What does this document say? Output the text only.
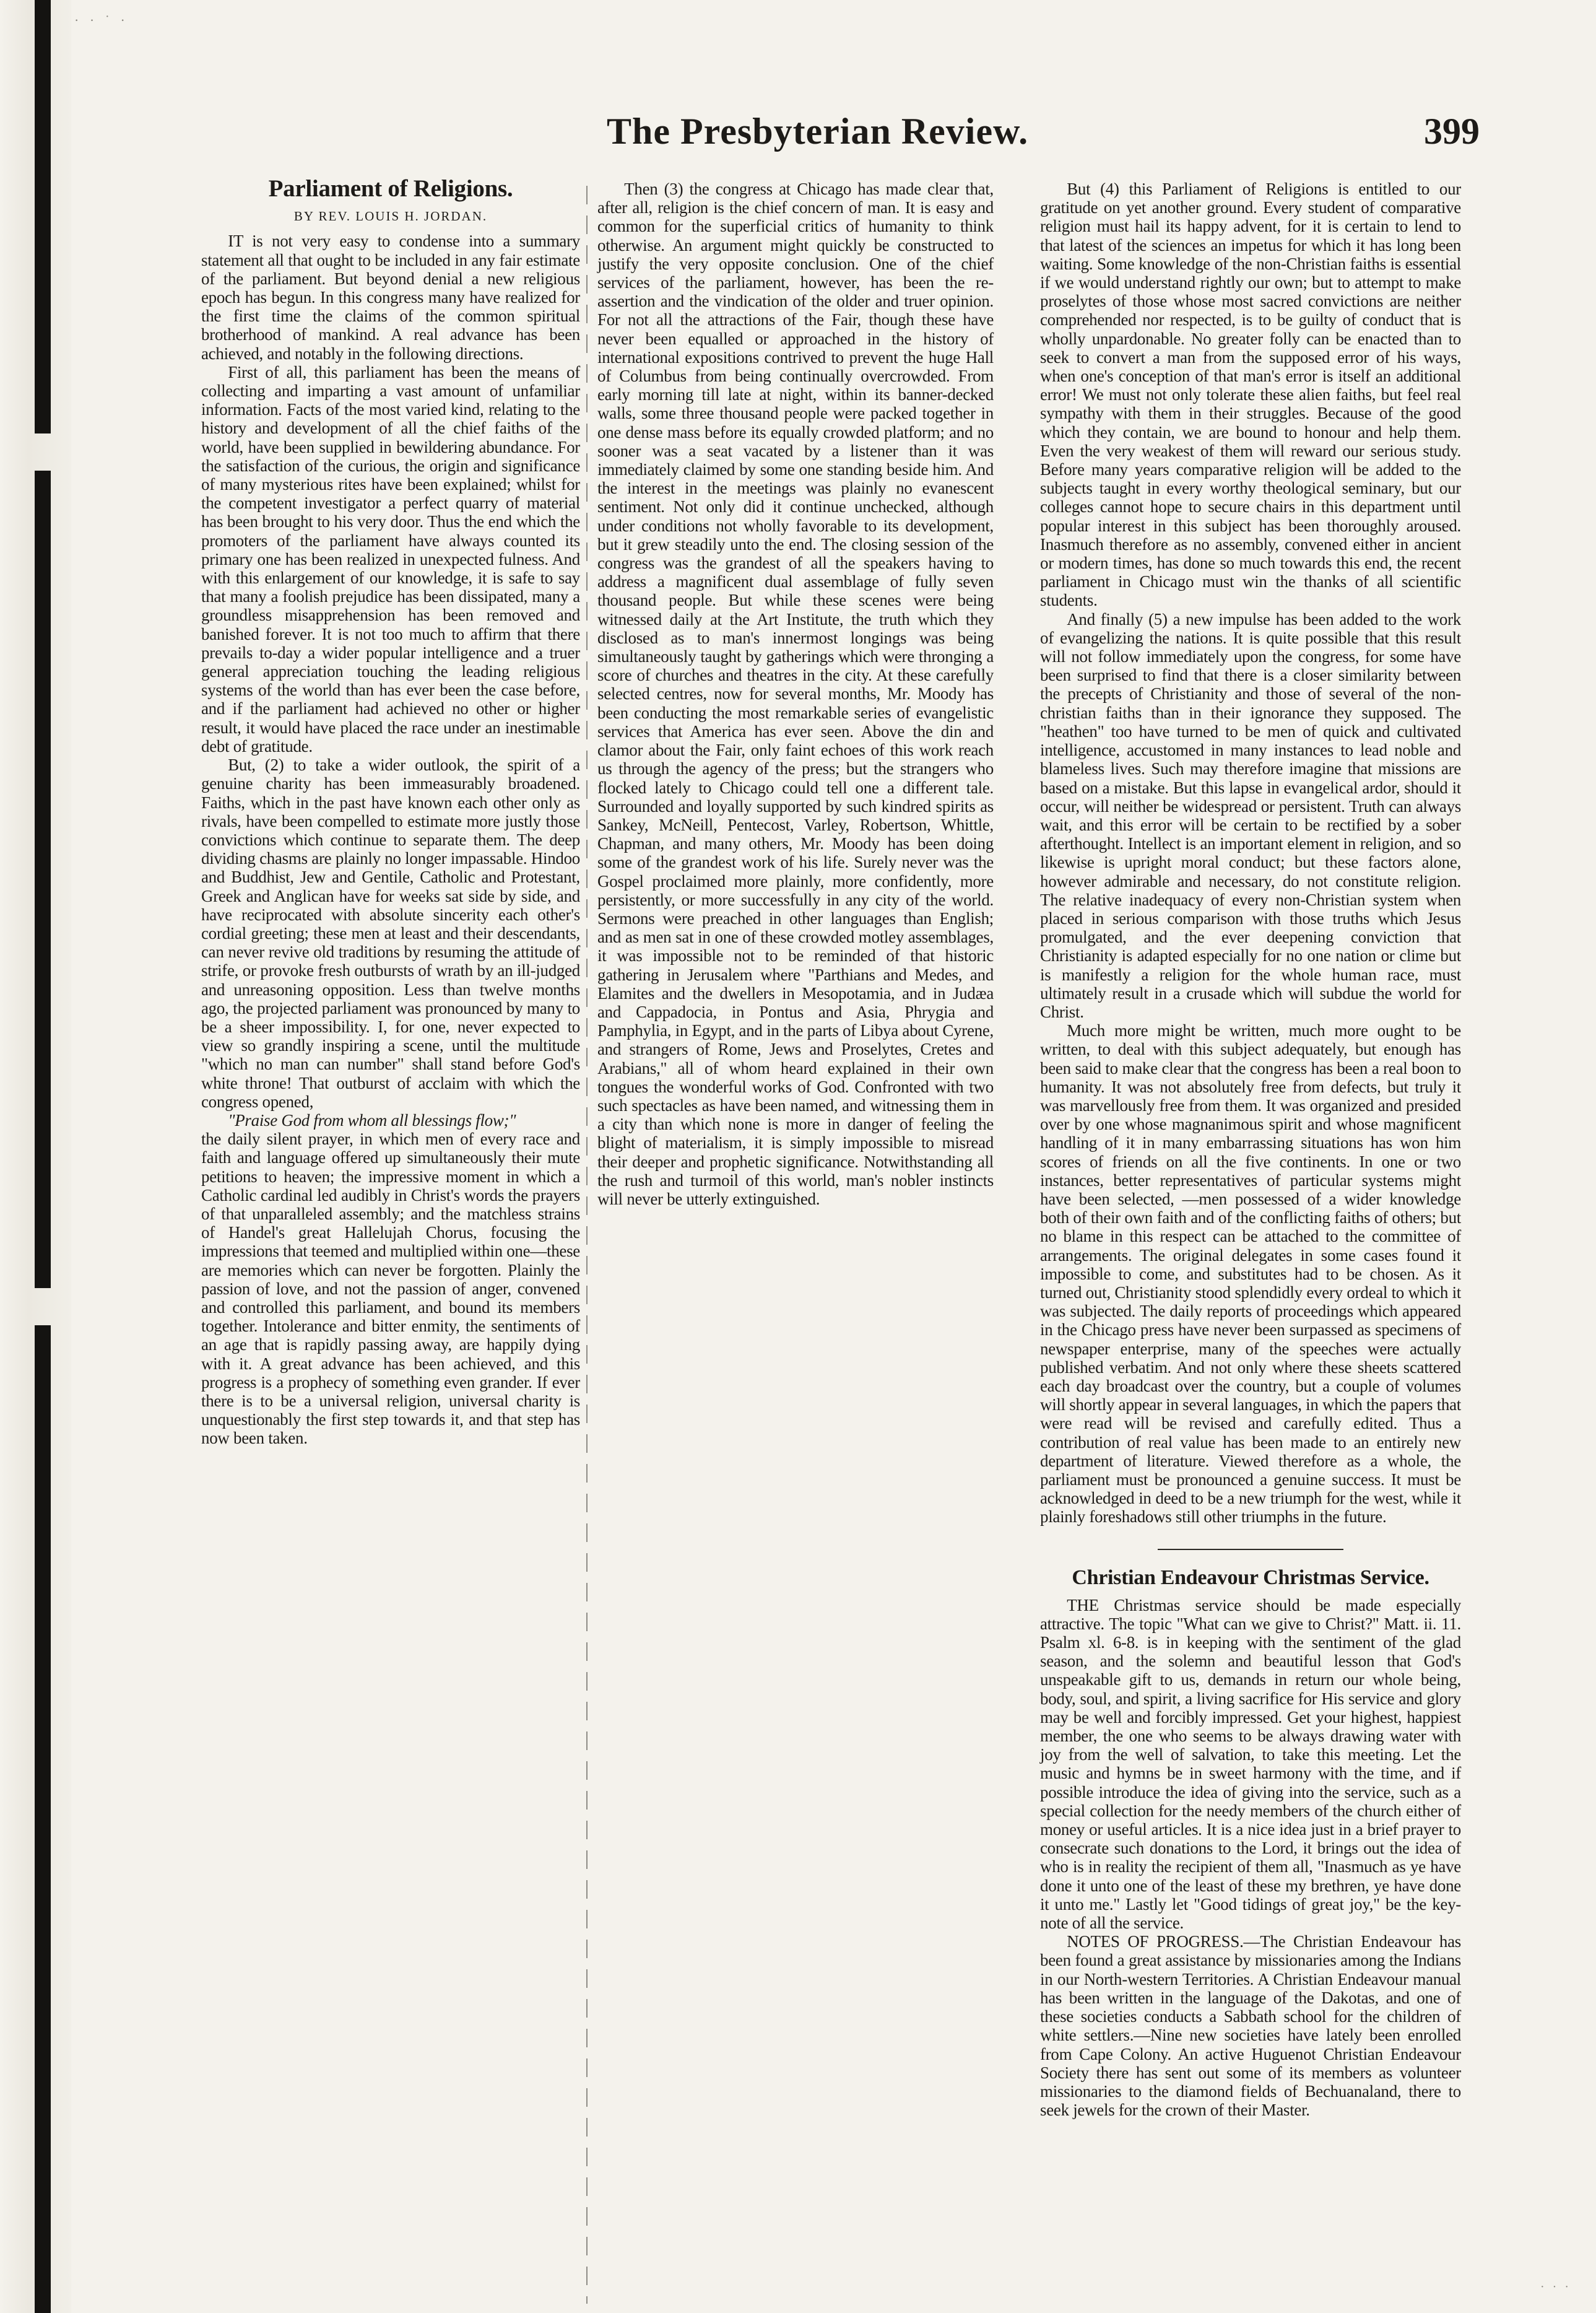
· · ˙ ·
· · ·
The Presbyterian Review.	399
Parliament of Religions.
BY REV. LOUIS H. JORDAN.

IT is not very easy to condense into a summary statement all that ought to be included in any fair estimate of the parliament. But beyond denial a new religious epoch has begun. In this congress many have realized for the first time the claims of the common spiritual brotherhood of mankind. A real advance has been achieved, and notably in the following directions.

First of all, this parliament has been the means of collecting and imparting a vast amount of unfamiliar information. Facts of the most varied kind, relating to the history and development of all the chief faiths of the world, have been supplied in bewildering abundance. For the satisfaction of the curious, the origin and significance of many mysterious rites have been explained; whilst for the competent investigator a perfect quarry of material has been brought to his very door. Thus the end which the promoters of the parliament have always counted its primary one has been realized in unexpected fulness. And with this enlargement of our knowledge, it is safe to say that many a foolish prejudice has been dissipated, many a groundless misapprehension has been removed and banished forever. It is not too much to affirm that there prevails to-day a wider popular intelligence and a truer general appreciation touching the leading religious systems of the world than has ever been the case before, and if the parliament had achieved no other or higher result, it would have placed the race under an inestimable debt of gratitude.

But, (2) to take a wider outlook, the spirit of a genuine charity has been immeasurably broadened. Faiths, which in the past have known each other only as rivals, have been compelled to estimate more justly those convictions which continue to separate them. The deep dividing chasms are plainly no longer impassable. Hindoo and Buddhist, Jew and Gentile, Catholic and Protestant, Greek and Anglican have for weeks sat side by side, and have reciprocated with absolute sincerity each other's cordial greeting; these men at least and their descendants, can never revive old traditions by resuming the attitude of strife, or provoke fresh outbursts of wrath by an ill-judged and unreasoning opposition. Less than twelve months ago, the projected parliament was pronounced by many to be a sheer impossibility. I, for one, never expected to view so grandly inspiring a scene, until the multitude "which no man can number" shall stand before God's white throne! That outburst of acclaim with which the congress opened,

"Praise God from whom all blessings flow;"

the daily silent prayer, in which men of every race and faith and language offered up simultaneously their mute petitions to heaven; the impressive moment in which a Catholic cardinal led audibly in Christ's words the prayers of that unparalleled assembly; and the matchless strains of Handel's great Hallelujah Chorus, focusing the impressions that teemed and multiplied within one—these are memories which can never be forgotten. Plainly the passion of love, and not the passion of anger, convened and controlled this parliament, and bound its members together. Intolerance and bitter enmity, the sentiments of an age that is rapidly passing away, are happily dying with it. A great advance has been achieved, and this progress is a prophecy of something even grander. If ever there is to be a universal religion, universal charity is unquestionably the first step towards it, and that step has now been taken.

Then (3) the congress at Chicago has made clear that, after all, religion is the chief concern of man. It is easy and common for the superficial critics of humanity to think otherwise. An argument might quickly be constructed to justify the very opposite conclusion. One of the chief services of the parliament, however, has been the re-assertion and the vindication of the older and truer opinion. For not all the attractions of the Fair, though these have never been equalled or approached in the history of international expositions contrived to prevent the huge Hall of Columbus from being continually overcrowded. From early morning till late at night, within its banner-decked walls, some three thousand people were packed together in one dense mass before its equally crowded platform; and no sooner was a seat vacated by a listener than it was immediately claimed by some one standing beside him. And the interest in the meetings was plainly no evanescent sentiment. Not only did it continue unchecked, although under conditions not wholly favorable to its development, but it grew steadily unto the end. The closing session of the congress was the grandest of all the speakers having to address a magnificent dual assemblage of fully seven thousand people. But while these scenes were being witnessed daily at the Art Institute, the truth which they disclosed as to man's innermost longings was being simultaneously taught by gatherings which were thronging a score of churches and theatres in the city. At these carefully selected centres, now for several months, Mr. Moody has been conducting the most remarkable series of evangelistic services that America has ever seen. Above the din and clamor about the Fair, only faint echoes of this work reach us through the agency of the press; but the strangers who flocked lately to Chicago could tell one a different tale. Surrounded and loyally supported by such kindred spirits as Sankey, McNeill, Pentecost, Varley, Robertson, Whittle, Chapman, and many others, Mr. Moody has been doing some of the grandest work of his life. Surely never was the Gospel proclaimed more plainly, more confidently, more persistently, or more successfully in any city of the world. Sermons were preached in other languages than English; and as men sat in one of these crowded motley assemblages, it was impossible not to be reminded of that historic gathering in Jerusalem where "Parthians and Medes, and Elamites and the dwellers in Mesopotamia, and in Judæa and Cappadocia, in Pontus and Asia, Phrygia and Pamphylia, in Egypt, and in the parts of Libya about Cyrene, and strangers of Rome, Jews and Proselytes, Cretes and Arabians," all of whom heard explained in their own tongues the wonderful works of God. Confronted with two such spectacles as have been named, and witnessing them in a city than which none is more in danger of feeling the blight of materialism, it is simply impossible to misread their deeper and prophetic significance. Notwithstanding all the rush and turmoil of this world, man's nobler instincts will never be utterly extinguished.

But (4) this Parliament of Religions is entitled to our gratitude on yet another ground. Every student of comparative religion must hail its happy advent, for it is certain to lend to that latest of the sciences an impetus for which it has long been waiting. Some knowledge of the non-Christian faiths is essential if we would understand rightly our own; but to attempt to make proselytes of those whose most sacred convictions are neither comprehended nor respected, is to be guilty of conduct that is wholly unpardonable. No greater folly can be enacted than to seek to convert a man from the supposed error of his ways, when one's conception of that man's error is itself an additional error! We must not only tolerate these alien faiths, but feel real sympathy with them in their struggles. Because of the good which they contain, we are bound to honour and help them. Even the very weakest of them will reward our serious study. Before many years comparative religion will be added to the subjects taught in every worthy theological seminary, but our colleges cannot hope to secure chairs in this department until popular interest in this subject has been thoroughly aroused. Inasmuch therefore as no assembly, convened either in ancient or modern times, has done so much towards this end, the recent parliament in Chicago must win the thanks of all scientific students.

And finally (5) a new impulse has been added to the work of evangelizing the nations. It is quite possible that this result will not follow immediately upon the congress, for some have been surprised to find that there is a closer similarity between the precepts of Christianity and those of several of the non-christian faiths than in their ignorance they supposed. The "heathen" too have turned to be men of quick and cultivated intelligence, accustomed in many instances to lead noble and blameless lives. Such may therefore imagine that missions are based on a mistake. But this lapse in evangelical ardor, should it occur, will neither be widespread or persistent. Truth can always wait, and this error will be certain to be rectified by a sober afterthought. Intellect is an important element in religion, and so likewise is upright moral conduct; but these factors alone, however admirable and necessary, do not constitute religion. The relative inadequacy of every non-Christian system when placed in serious comparison with those truths which Jesus promulgated, and the ever deepening conviction that Christianity is adapted especially for no one nation or clime but is manifestly a religion for the whole human race, must ultimately result in a crusade which will subdue the world for Christ.

Much more might be written, much more ought to be written, to deal with this subject adequately, but enough has been said to make clear that the congress has been a real boon to humanity. It was not absolutely free from defects, but truly it was marvellously free from them. It was organized and presided over by one whose magnanimous spirit and whose magnificent handling of it in many embarrassing situations has won him scores of friends on all the five continents. In one or two instances, better representatives of particular systems might have been selected, —men possessed of a wider knowledge both of their own faith and of the conflicting faiths of others; but no blame in this respect can be attached to the committee of arrangements. The original delegates in some cases found it impossible to come, and substitutes had to be chosen. As it turned out, Christianity stood splendidly every ordeal to which it was subjected. The daily reports of proceedings which appeared in the Chicago press have never been surpassed as specimens of newspaper enterprise, many of the speeches were actually published verbatim. And not only where these sheets scattered each day broadcast over the country, but a couple of volumes will shortly appear in several languages, in which the papers that were read will be revised and carefully edited. Thus a contribution of real value has been made to an entirely new department of literature. Viewed therefore as a whole, the parliament must be pronounced a genuine success. It must be acknowledged in deed to be a new triumph for the west, while it plainly foreshadows still other triumphs in the future.

Christian Endeavour Christmas Service.

THE Christmas service should be made especially attractive. The topic "What can we give to Christ?" Matt. ii. 11. Psalm xl. 6-8. is in keeping with the sentiment of the glad season, and the solemn and beautiful lesson that God's unspeakable gift to us, demands in return our whole being, body, soul, and spirit, a living sacrifice for His service and glory may be well and forcibly impressed. Get your highest, happiest member, the one who seems to be always drawing water with joy from the well of salvation, to take this meeting. Let the music and hymns be in sweet harmony with the time, and if possible introduce the idea of giving into the service, such as a special collection for the needy members of the church either of money or useful articles. It is a nice idea just in a brief prayer to consecrate such donations to the Lord, it brings out the idea of who is in reality the recipient of them all, "Inasmuch as ye have done it unto one of the least of these my brethren, ye have done it unto me." Lastly let "Good tidings of great joy," be the key-note of all the service.

NOTES OF PROGRESS.—The Christian Endeavour has been found a great assistance by missionaries among the Indians in our North-western Territories. A Christian Endeavour manual has been written in the language of the Dakotas, and one of these societies conducts a Sabbath school for the children of white settlers.—Nine new societies have lately been enrolled from Cape Colony. An active Huguenot Christian Endeavour Society there has sent out some of its members as volunteer missionaries to the diamond fields of Bechuanaland, there to seek jewels for the crown of their Master.
